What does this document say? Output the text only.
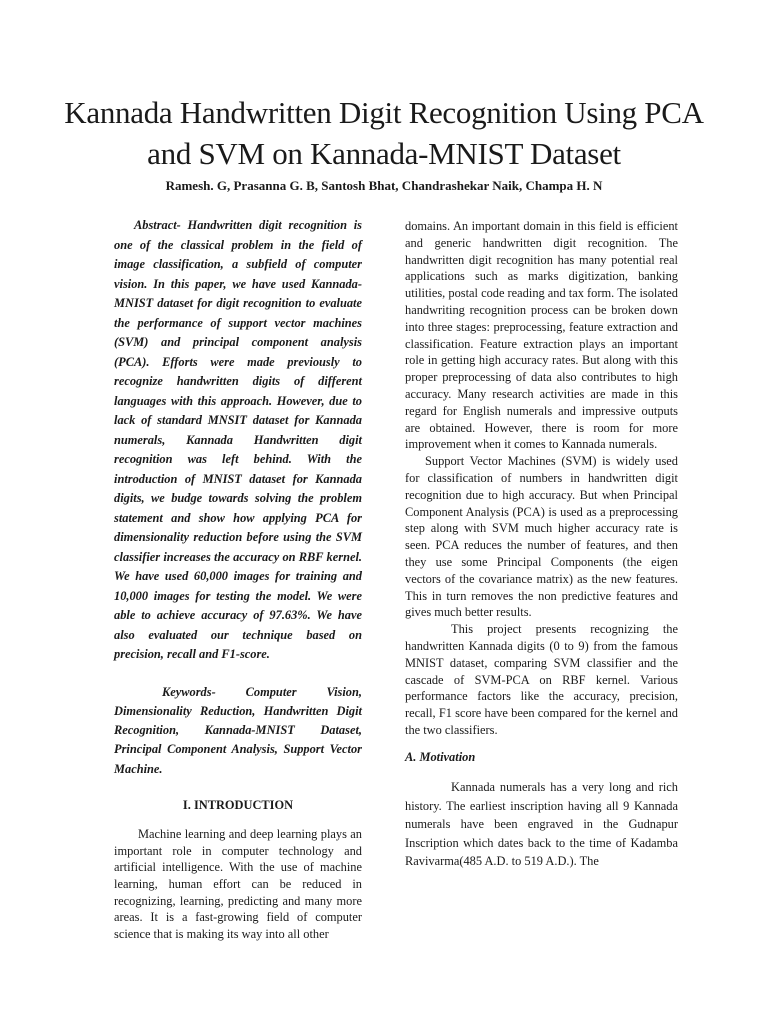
Kannada Handwritten Digit Recognition Using PCA and SVM on Kannada-MNIST Dataset

Ramesh. G, Prasanna G. B, Santosh Bhat, Chandrashekar Naik, Champa H. N

Abstract- Handwritten digit recognition is one of the classical problem in the field of image classification, a subfield of computer vision. In this paper, we have used Kannada-MNIST dataset for digit recognition to evaluate the performance of support vector machines (SVM) and principal component analysis (PCA). Efforts were made previously to recognize handwritten digits of different languages with this approach. However, due to lack of standard MNSIT dataset for Kannada numerals, Kannada Handwritten digit recognition was left behind. With the introduction of MNIST dataset for Kannada digits, we budge towards solving the problem statement and show how applying PCA for dimensionality reduction before using the SVM classifier increases the accuracy on RBF kernel. We have used 60,000 images for training and 10,000 images for testing the model. We were able to achieve accuracy of 97.63%. We have also evaluated our technique based on precision, recall and F1-score.

Keywords- Computer Vision, Dimensionality Reduction, Handwritten Digit Recognition, Kannada-MNIST Dataset, Principal Component Analysis, Support Vector Machine.

I. INTRODUCTION

Machine learning and deep learning plays an important role in computer technology and artificial intelligence. With the use of machine learning, human effort can be reduced in recognizing, learning, predicting and many more areas. It is a fast-growing field of computer science that is making its way into all other

domains. An important domain in this field is efficient and generic handwritten digit recognition. The handwritten digit recognition has many potential real applications such as marks digitization, banking utilities, postal code reading and tax form. The isolated handwriting recognition process can be broken down into three stages: preprocessing, feature extraction and classification. Feature extraction plays an important role in getting high accuracy rates. But along with this proper preprocessing of data also contributes to high accuracy. Many research activities are made in this regard for English numerals and impressive outputs are obtained. However, there is room for more improvement when it comes to Kannada numerals.

Support Vector Machines (SVM) is widely used for classification of numbers in handwritten digit recognition due to high accuracy. But when Principal Component Analysis (PCA) is used as a preprocessing step along with SVM much higher accuracy rate is seen. PCA reduces the number of features, and then they use some Principal Components (the eigen vectors of the covariance matrix) as the new features. This in turn removes the non predictive features and gives much better results.

This project presents recognizing the handwritten Kannada digits (0 to 9) from the famous MNIST dataset, comparing SVM classifier and the cascade of SVM-PCA on RBF kernel. Various performance factors like the accuracy, precision, recall, F1 score have been compared for the kernel and the two classifiers.

A. Motivation

Kannada numerals has a very long and rich history. The earliest inscription having all 9 Kannada numerals have been engraved in the Gudnapur Inscription which dates back to the time of Kadamba Ravivarma(485 A.D. to 519 A.D.). The
